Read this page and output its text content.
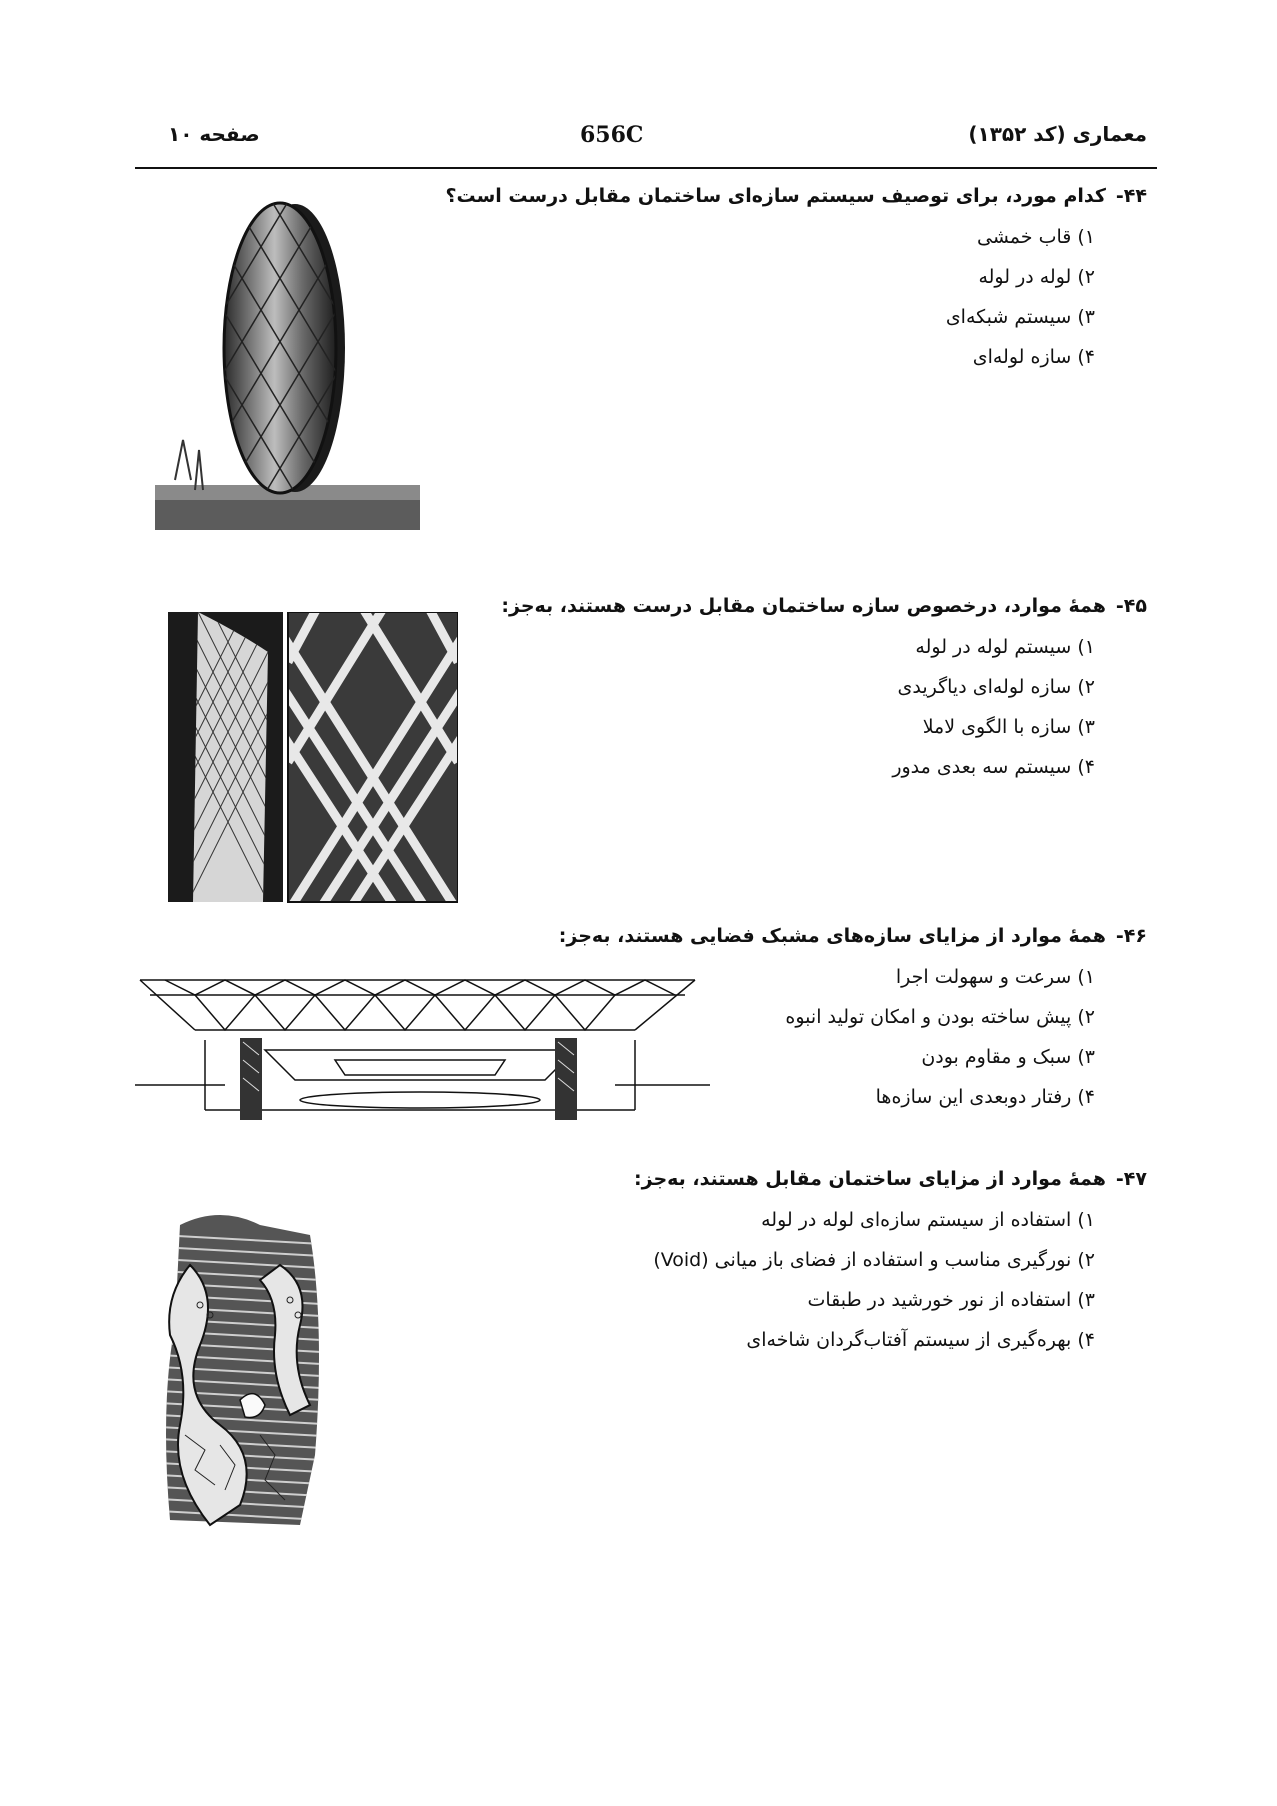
معماری (کد ۱۳۵۲)
656C
صفحه ۱۰
۴۴-کدام مورد، برای توصیف سیستم سازه‌ای ساختمان مقابل درست است؟
۱) قاب خمشی
۲) لوله در لوله
۳) سیستم شبکه‌ای
۴) سازه لوله‌ای
۴۵-همهٔ موارد، درخصوص سازه ساختمان مقابل درست هستند، به‌جز:
۱) سیستم لوله در لوله
۲) سازه لوله‌ای دیاگریدی
۳) سازه با الگوی لاملا
۴) سیستم سه بعدی مدور
۴۶-همهٔ موارد از مزایای سازه‌های مشبک فضایی هستند، به‌جز:
۱) سرعت و سهولت اجرا
۲) پیش ساخته بودن و امکان تولید انبوه
۳) سبک و مقاوم بودن
۴) رفتار دوبعدی این سازه‌ها
۴۷-همهٔ موارد از مزایای ساختمان مقابل هستند، به‌جز:
۱) استفاده از سیستم سازه‌ای لوله در لوله
۲) نورگیری مناسب و استفاده از فضای باز میانی (Void)
۳) استفاده از نور خورشید در طبقات
۴) بهره‌گیری از سیستم آفتاب‌گردان شاخه‌ای
